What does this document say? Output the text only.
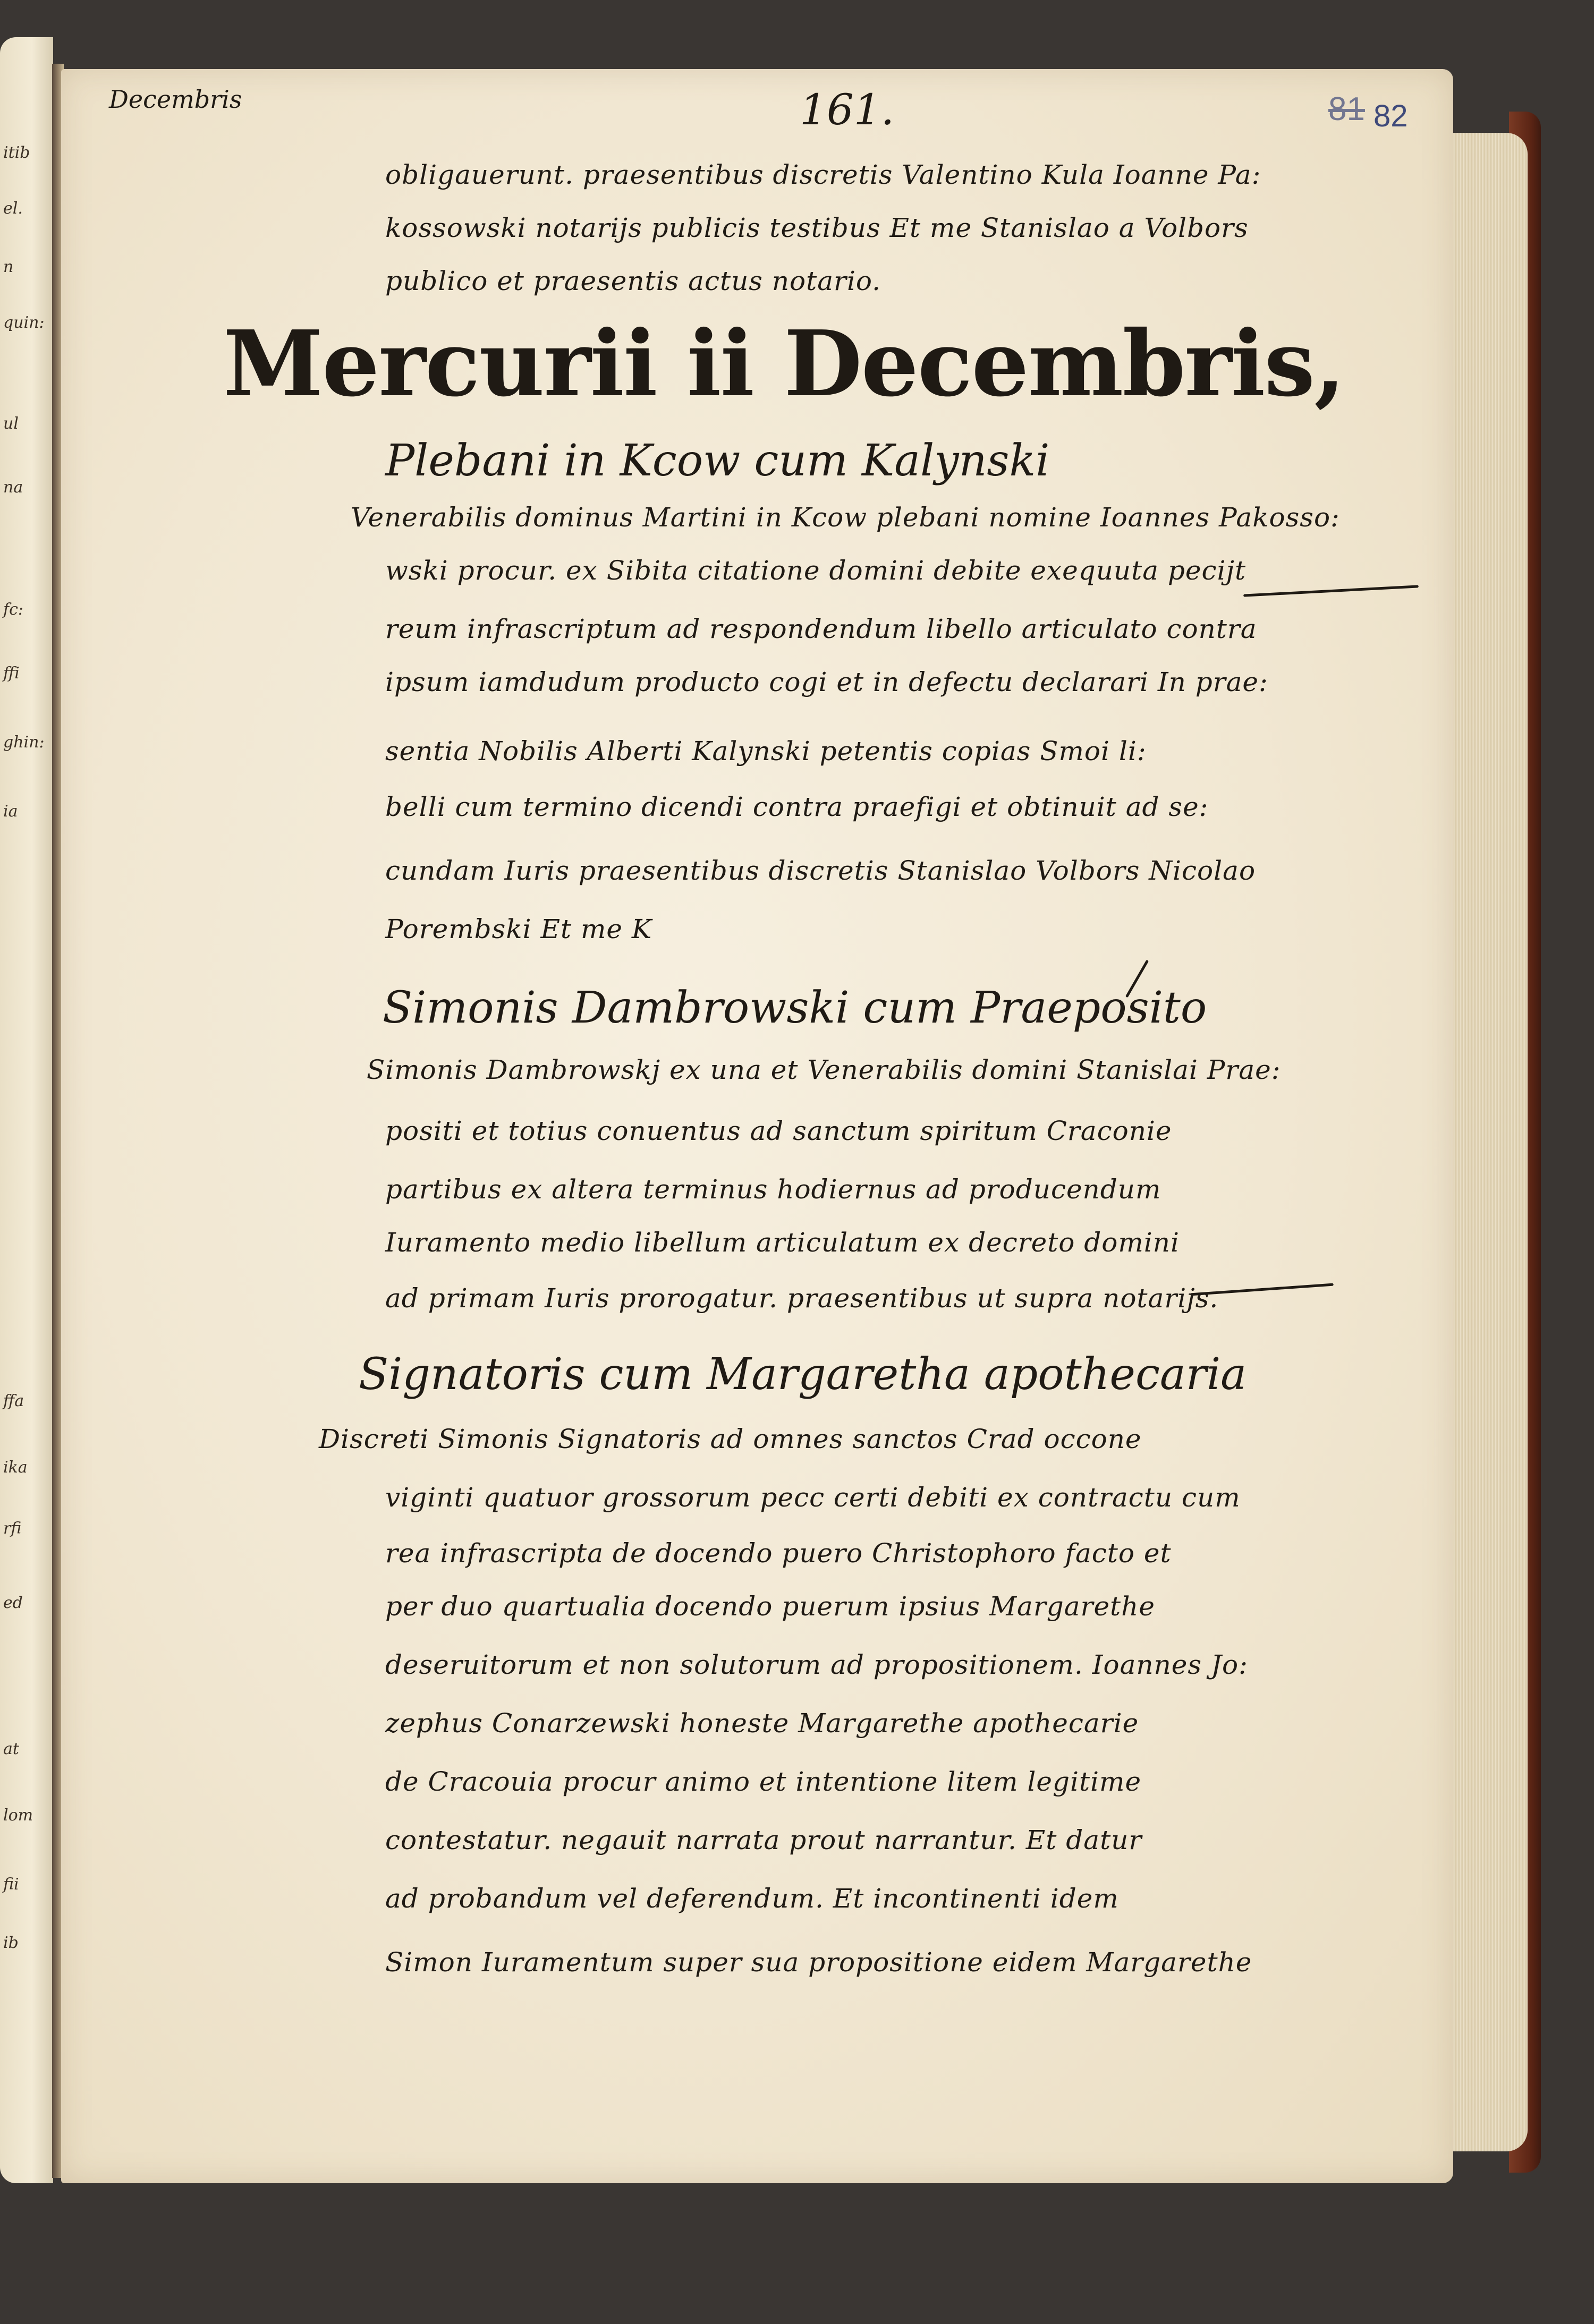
itib
el.
n
quin:
ul
na
fc:
ffi
ghin:
ia
ffa
ika
rfi
ed
at
lom
fii
ib
Decembris	161.	81 82
obligauerunt. praesentibus discretis Valentino Kula Ioanne Pa:
kossowski notarijs publicis testibus Et me Stanislao a Volbors
publico et praesentis actus notario.
Mercurii ii Decembris,
Plebani in Kcow cum Kalynski
Venerabilis dominus Martini in Kcow plebani nomine Ioannes Pakosso:
wski procur. ex Sibita citatione domini debite exequuta pecijt
reum infrascriptum ad respondendum libello articulato contra
ipsum iamdudum producto cogi et in defectu declarari In prae:
sentia Nobilis Alberti Kalynski petentis copias Smoi li:
belli cum termino dicendi contra praefigi et obtinuit ad se:
cundam Iuris praesentibus discretis Stanislao Volbors Nicolao
Porembski Et me K
Simonis Dambrowski cum Praeposito
Simonis Dambrowskj ex una et Venerabilis domini Stanislai Prae:
positi et totius conuentus ad sanctum spiritum Craconie
partibus ex altera terminus hodiernus ad producendum
Iuramento medio libellum articulatum ex decreto domini
ad primam Iuris prorogatur. praesentibus ut supra notarijs.
Signatoris cum Margaretha apothecaria
Discreti Simonis Signatoris ad omnes sanctos Crad occone
viginti quatuor grossorum pecc certi debiti ex contractu cum
rea infrascripta de docendo puero Christophoro facto et
per duo quartualia docendo puerum ipsius Margarethe
deseruitorum et non solutorum ad propositionem. Ioannes Jo:
zephus Conarzewski honeste Margarethe apothecarie
de Cracouia procur animo et intentione litem legitime
contestatur. negauit narrata prout narrantur. Et datur
ad probandum vel deferendum. Et incontinenti idem
Simon Iuramentum super sua propositione eidem Margarethe
